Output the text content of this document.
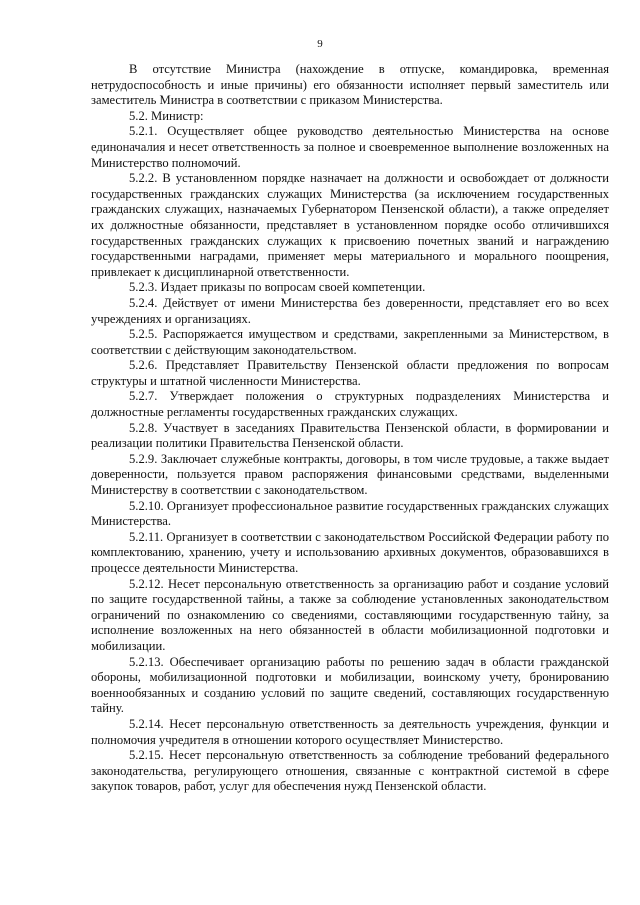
9

В отсутствие Министра (нахождение в отпуске, командировка, временная нетрудоспособность и иные причины) его обязанности исполняет первый заместитель или заместитель Министра в соответствии с приказом Министерства.

5.2. Министр:

5.2.1. Осуществляет общее руководство деятельностью Министерства на основе единоначалия и несет ответственность за полное и своевременное выполнение возложенных на Министерство полномочий.

5.2.2. В установленном порядке назначает на должности и освобождает от должности государственных гражданских служащих Министерства (за исключением государственных гражданских служащих, назначаемых Губернатором Пензенской области), а также определяет их должностные обязанности, представляет в установленном порядке особо отличившихся государственных гражданских служащих к присвоению почетных званий и награждению государственными наградами, применяет меры материального и морального поощрения, привлекает к дисциплинарной ответственности.

5.2.3. Издает приказы по вопросам своей компетенции.

5.2.4. Действует от имени Министерства без доверенности, представляет его во всех учреждениях и организациях.

5.2.5. Распоряжается имуществом и средствами, закрепленными за Министерством, в соответствии с действующим законодательством.

5.2.6. Представляет Правительству Пензенской области предложения по вопросам структуры и штатной численности Министерства.

5.2.7. Утверждает положения о структурных подразделениях Министерства и должностные регламенты государственных гражданских служащих.

5.2.8. Участвует в заседаниях Правительства Пензенской области, в формировании и реализации политики Правительства Пензенской области.

5.2.9. Заключает служебные контракты, договоры, в том числе трудовые, а также выдает доверенности, пользуется правом распоряжения финансовыми средствами, выделенными Министерству в соответствии с законодательством.

5.2.10. Организует профессиональное развитие государственных гражданских служащих Министерства.

5.2.11. Организует в соответствии с законодательством Российской Федерации работу по комплектованию, хранению, учету и использованию архивных документов, образовавшихся в процессе деятельности Министерства.

5.2.12. Несет персональную ответственность за организацию работ и создание условий по защите государственной тайны, а также за соблюдение установленных законодательством ограничений по ознакомлению со сведениями, составляющими государственную тайну, за исполнение возложенных на него обязанностей в области мобилизационной подготовки и мобилизации.

5.2.13. Обеспечивает организацию работы по решению задач в области гражданской обороны, мобилизационной подготовки и мобилизации, воинскому учету, бронированию военнообязанных и созданию условий по защите сведений, составляющих государственную тайну.

5.2.14. Несет персональную ответственность за деятельность учреждения, функции и полномочия учредителя в отношении которого осуществляет Министерство.

5.2.15. Несет персональную ответственность за соблюдение требований федерального законодательства, регулирующего отношения, связанные с контрактной системой в сфере закупок товаров, работ, услуг для обеспечения нужд Пензенской области.
